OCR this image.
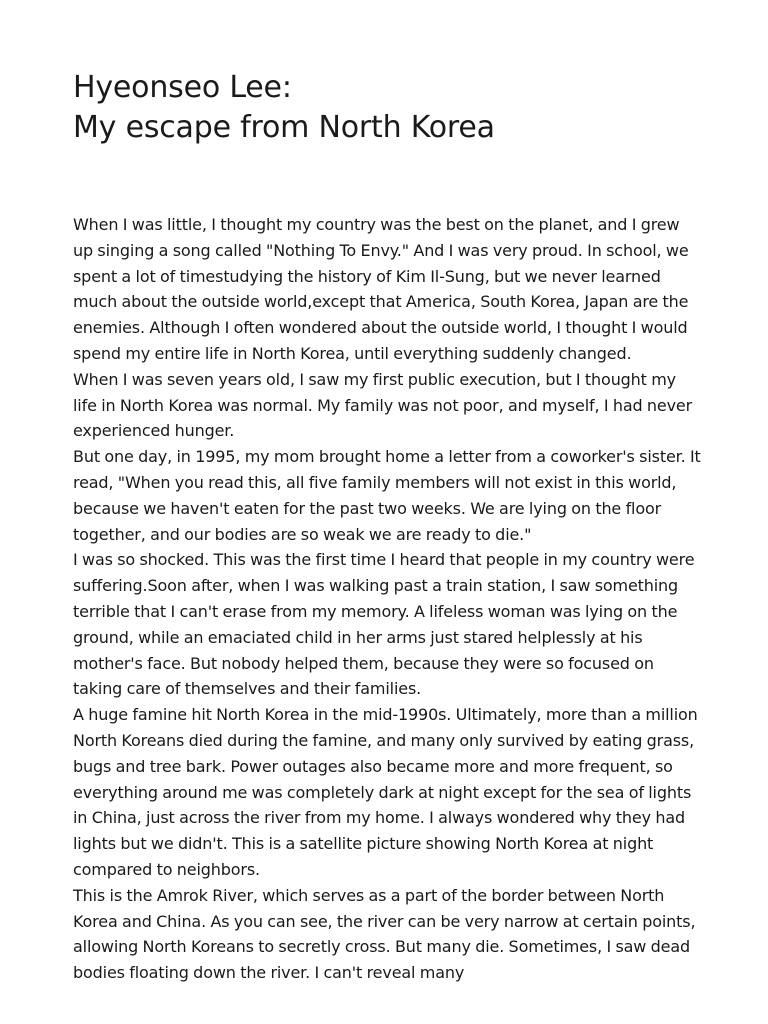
Hyeonseo Lee:
My escape from North Korea

When I was little, I thought my country was the best on the planet, and I grew up singing a song called "Nothing To Envy." And I was very proud. In school, we spent a lot of timestudying the history of Kim Il-Sung, but we never learned much about the outside world,except that America, South Korea, Japan are the enemies. Although I often wondered about the outside world, I thought I would spend my entire life in North Korea, until everything suddenly changed.

When I was seven years old, I saw my first public execution, but I thought my life in North Korea was normal. My family was not poor, and myself, I had never experienced hunger.

But one day, in 1995, my mom brought home a letter from a coworker's sister. It read, "When you read this, all five family members will not exist in this world, because we haven't eaten for the past two weeks. We are lying on the floor together, and our bodies are so weak we are ready to die."

I was so shocked. This was the first time I heard that people in my country were suffering.Soon after, when I was walking past a train station, I saw something terrible that I can't erase from my memory. A lifeless woman was lying on the ground, while an emaciated child in her arms just stared helplessly at his mother's face. But nobody helped them, because they were so focused on taking care of themselves and their families.

A huge famine hit North Korea in the mid-1990s. Ultimately, more than a million North Koreans died during the famine, and many only survived by eating grass, bugs and tree bark. Power outages also became more and more frequent, so everything around me was completely dark at night except for the sea of lights in China, just across the river from my home. I always wondered why they had lights but we didn't. This is a satellite picture showing North Korea at night compared to neighbors.

This is the Amrok River, which serves as a part of the border between North Korea and China. As you can see, the river can be very narrow at certain points, allowing North Koreans to secretly cross. But many die. Sometimes, I saw dead bodies floating down the river. I can't reveal many
